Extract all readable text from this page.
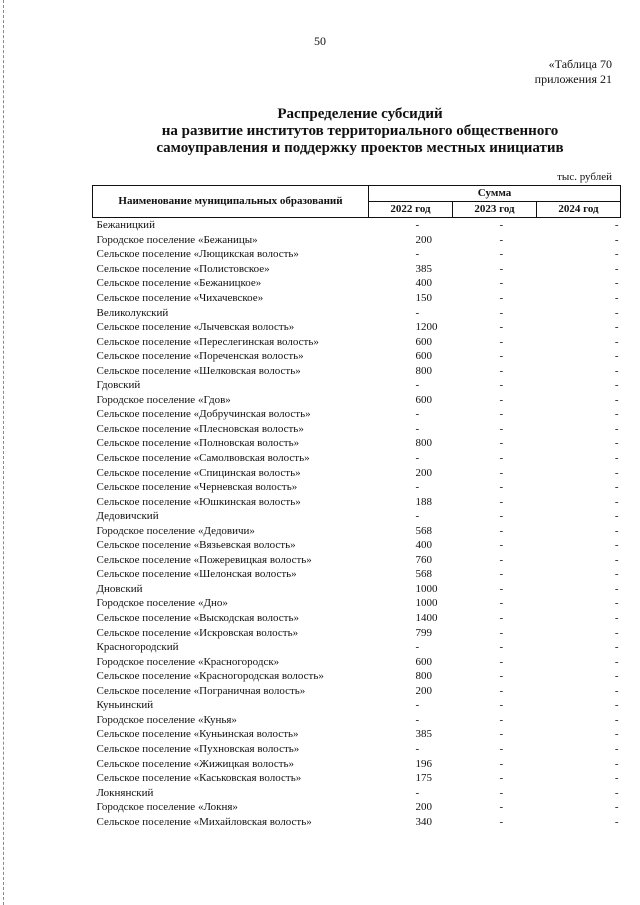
50
«Таблица 70
приложения 21
Распределение субсидий
на развитие институтов территориального общественного
самоуправления и поддержку проектов местных инициатив
тыс. рублей
Наименование муниципальных образований	Сумма		
	2022 год	2023 год	2024 год
Бежаницкий	-	-	-
Городское поселение «Бежаницы»	200	-	-
Сельское поселение «Лющикская волость»	-	-	-
Сельское поселение «Полистовское»	385	-	-
Сельское поселение «Бежаницкое»	400	-	-
Сельское поселение «Чихачевское»	150	-	-
Великолукский	-	-	-
Сельское поселение «Лычевская волость»	1200	-	-
Сельское поселение «Переслегинская волость»	600	-	-
Сельское поселение «Пореченская волость»	600	-	-
Сельское поселение «Шелковская волость»	800	-	-
Гдовский	-	-	-
Городское поселение «Гдов»	600	-	-
Сельское поселение «Добручинская волость»	-	-	-
Сельское поселение «Плесновская волость»	-	-	-
Сельское поселение «Полновская волость»	800	-	-
Сельское поселение «Самолвовская волость»	-	-	-
Сельское поселение «Спицинская волость»	200	-	-
Сельское поселение «Черневская волость»	-	-	-
Сельское поселение «Юшкинская волость»	188	-	-
Дедовичский	-	-	-
Городское поселение «Дедовичи»	568	-	-
Сельское поселение «Вязьевская волость»	400	-	-
Сельское поселение «Пожеревицкая волость»	760	-	-
Сельское поселение «Шелонская волость»	568	-	-
Дновский	1000	-	-
Городское поселение «Дно»	1000	-	-
Сельское поселение «Выскодская волость»	1400	-	-
Сельское поселение «Искровская волость»	799	-	-
Красногородский	-	-	-
Городское поселение «Красногородск»	600	-	-
Сельское поселение «Красногородская волость»	800	-	-
Сельское поселение «Пограничная волость»	200	-	-
Куньинский	-	-	-
Городское поселение «Кунья»	-	-	-
Сельское поселение «Куньинская волость»	385	-	-
Сельское поселение «Пухновская волость»	-	-	-
Сельское поселение «Жижицкая волость»	196	-	-
Сельское поселение «Каськовская волость»	175	-	-
Локнянский	-	-	-
Городское поселение «Локня»	200	-	-
Сельское поселение «Михайловская волость»	340	-	-
